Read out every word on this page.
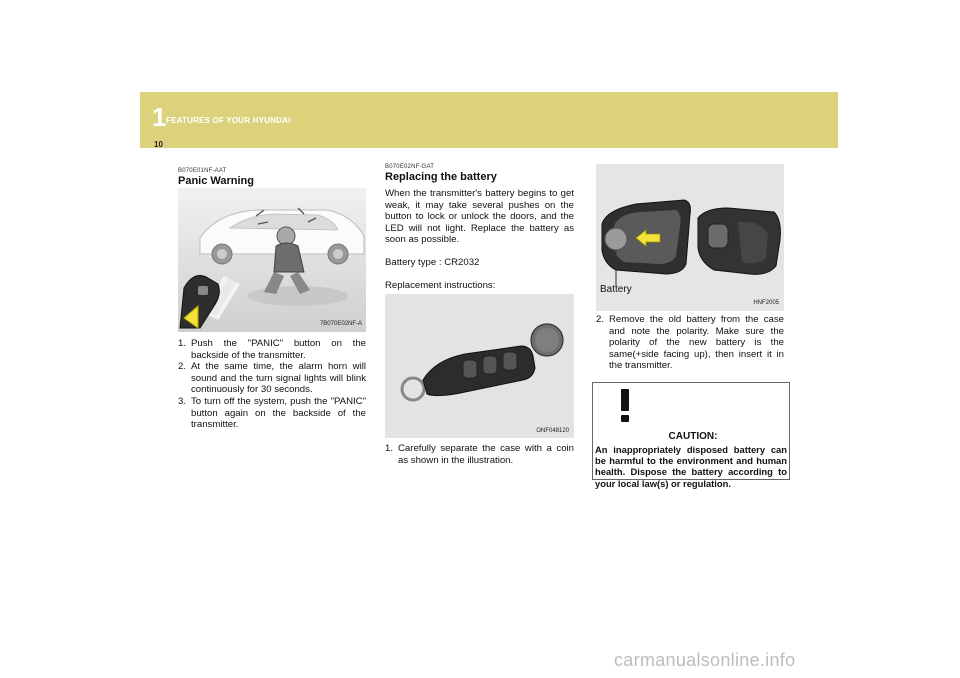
1 FEATURES OF YOUR HYUNDAI
10
B070E01NF-AAT
Panic Warning
7B070E02NF-A
1. Push the "PANIC" button on the backside of the transmitter.
2. At the same time, the alarm horn will sound and the turn signal lights will blink continuously for 30 seconds.
3. To turn off the system, push the "PANIC" button again on the backside of the transmitter.
B070E02NF-GAT
Replacing the battery
When the transmitter's battery begins to get weak, it may take several pushes on the button to lock or unlock the doors, and the LED will not light. Replace the battery as soon as possible.
Battery type : CR2032
Replacement instructions:
ONF048120
1. Carefully separate the case with a coin as shown in the illustration.
Battery
HNF2005
2. Remove the old battery from the case and note the polarity. Make sure the polarity of the new battery is the same(+side facing up), then insert it in the transmitter.
CAUTION:
An inappropriately disposed battery can be harmful to the environment and human health. Dispose the battery according to your local law(s) or regulation.
carmanualsonline.info
